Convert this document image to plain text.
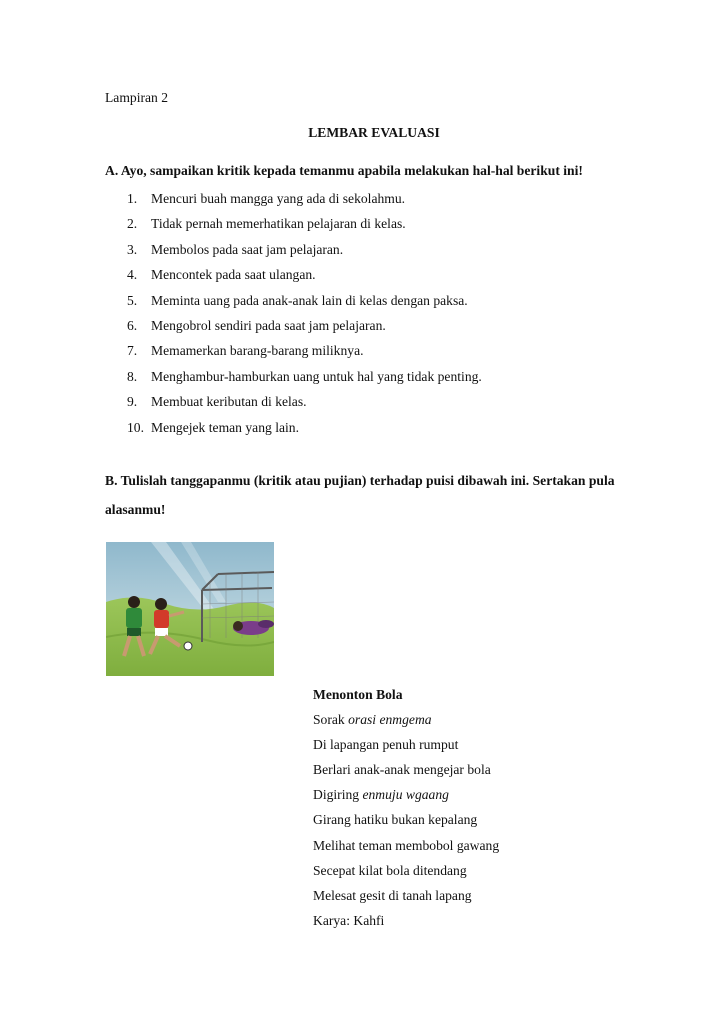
Lampiran 2
LEMBAR EVALUASI
A. Ayo, sampaikan kritik kepada temanmu apabila melakukan hal-hal berikut ini!
1. Mencuri buah mangga yang ada di sekolahmu.
2. Tidak pernah memerhatikan pelajaran di kelas.
3. Membolos pada saat jam pelajaran.
4. Mencontek pada saat ulangan.
5. Meminta uang pada anak-anak lain di kelas dengan paksa.
6. Mengobrol sendiri pada saat jam pelajaran.
7. Memamerkan barang-barang miliknya.
8. Menghambur-hamburkan uang untuk hal yang tidak penting.
9. Membuat keributan di kelas.
10. Mengejek teman yang lain.
B. Tulislah tanggapanmu (kritik atau pujian) terhadap puisi dibawah ini. Sertakan pula alasanmu!
Menonton Bola
Sorak orasi enmgema
Di lapangan penuh rumput
Berlari anak-anak mengejar bola
Digiring enmuju wgaang
Girang hatiku bukan kepalang
Melihat teman membobol gawang
Secepat kilat bola ditendang
Melesat gesit di tanah lapang
Karya: Kahfi
